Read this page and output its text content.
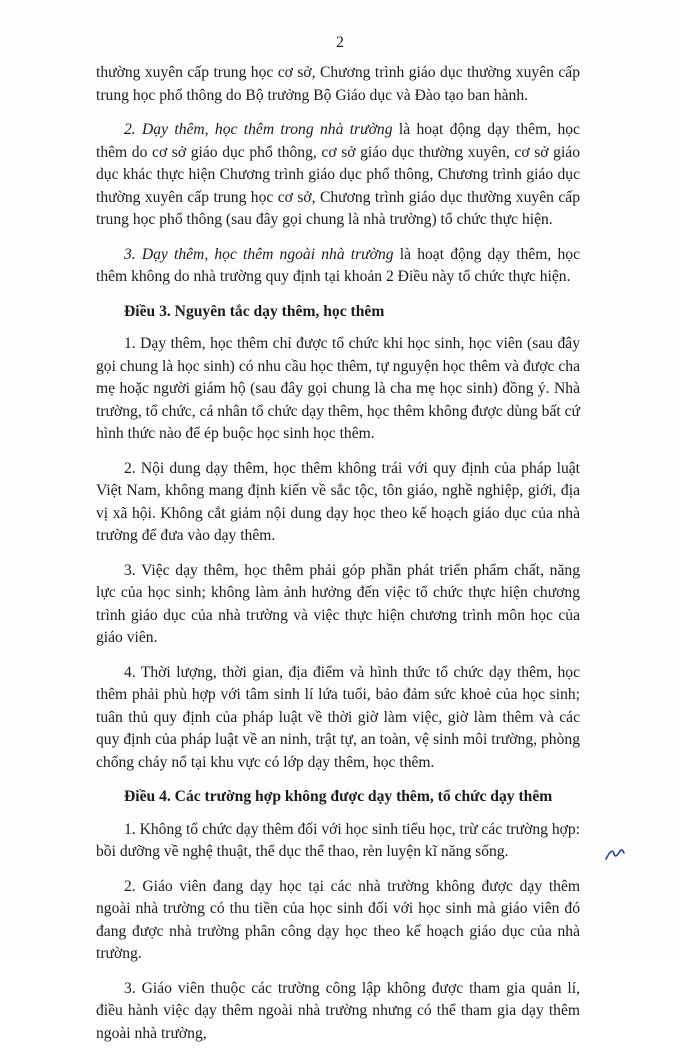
2

thường xuyên cấp trung học cơ sở, Chương trình giáo dục thường xuyên cấp trung học phổ thông do Bộ trưởng Bộ Giáo dục và Đào tạo ban hành.

2. Dạy thêm, học thêm trong nhà trường là hoạt động dạy thêm, học thêm do cơ sở giáo dục phổ thông, cơ sở giáo dục thường xuyên, cơ sở giáo dục khác thực hiện Chương trình giáo dục phổ thông, Chương trình giáo dục thường xuyên cấp trung học cơ sở, Chương trình giáo dục thường xuyên cấp trung học phổ thông (sau đây gọi chung là nhà trường) tổ chức thực hiện.

3. Dạy thêm, học thêm ngoài nhà trường là hoạt động dạy thêm, học thêm không do nhà trường quy định tại khoản 2 Điều này tổ chức thực hiện.

Điều 3. Nguyên tắc dạy thêm, học thêm

1. Dạy thêm, học thêm chỉ được tổ chức khi học sinh, học viên (sau đây gọi chung là học sinh) có nhu cầu học thêm, tự nguyện học thêm và được cha mẹ hoặc người giám hộ (sau đây gọi chung là cha mẹ học sinh) đồng ý. Nhà trường, tổ chức, cá nhân tổ chức dạy thêm, học thêm không được dùng bất cứ hình thức nào để ép buộc học sinh học thêm.

2. Nội dung dạy thêm, học thêm không trái với quy định của pháp luật Việt Nam, không mang định kiến về sắc tộc, tôn giáo, nghề nghiệp, giới, địa vị xã hội. Không cắt giảm nội dung dạy học theo kế hoạch giáo dục của nhà trường để đưa vào dạy thêm.

3. Việc dạy thêm, học thêm phải góp phần phát triển phẩm chất, năng lực của học sinh; không làm ảnh hưởng đến việc tổ chức thực hiện chương trình giáo dục của nhà trường và việc thực hiện chương trình môn học của giáo viên.

4. Thời lượng, thời gian, địa điểm và hình thức tổ chức dạy thêm, học thêm phải phù hợp với tâm sinh lí lứa tuổi, bảo đảm sức khoẻ của học sinh; tuân thủ quy định của pháp luật về thời giờ làm việc, giờ làm thêm và các quy định của pháp luật về an ninh, trật tự, an toàn, vệ sinh môi trường, phòng chống cháy nổ tại khu vực có lớp dạy thêm, học thêm.

Điều 4. Các trường hợp không được dạy thêm, tổ chức dạy thêm

1. Không tổ chức dạy thêm đối với học sinh tiểu học, trừ các trường hợp: bồi dưỡng về nghệ thuật, thể dục thể thao, rèn luyện kĩ năng sống.

2. Giáo viên đang dạy học tại các nhà trường không được dạy thêm ngoài nhà trường có thu tiền của học sinh đối với học sinh mà giáo viên đó đang được nhà trường phân công dạy học theo kế hoạch giáo dục của nhà trường.

3. Giáo viên thuộc các trường công lập không được tham gia quản lí, điều hành việc dạy thêm ngoài nhà trường nhưng có thể tham gia dạy thêm ngoài nhà trường,
